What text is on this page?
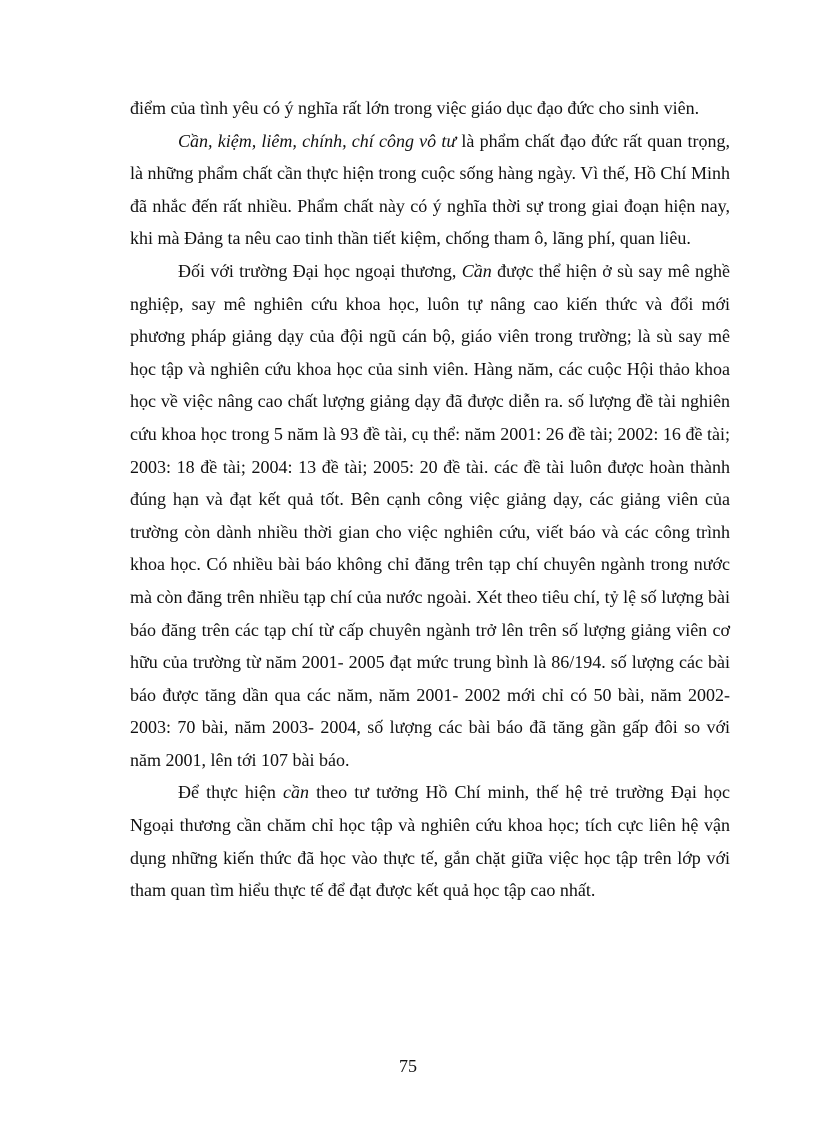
điểm của tình yêu có ý nghĩa rất lớn trong việc giáo dục đạo đức cho sinh viên.

Cần, kiệm, liêm, chính, chí công vô tư là phẩm chất đạo đức rất quan trọng, là những phẩm chất cần thực hiện trong cuộc sống hàng ngày. Vì thế, Hồ Chí Minh đã nhắc đến rất nhiều. Phẩm chất này có ý nghĩa thời sự trong giai đoạn hiện nay, khi mà Đảng ta nêu cao tinh thần tiết kiệm, chống tham ô, lãng phí, quan liêu.

Đối với trường Đại học ngoại thương, Cần được thể hiện ở sù say mê nghề nghiệp, say mê nghiên cứu khoa học, luôn tự nâng cao kiến thức và đổi mới phương pháp giảng dạy của đội ngũ cán bộ, giáo viên trong trường; là sù say mê học tập và nghiên cứu khoa học của sinh viên. Hàng năm, các cuộc Hội thảo khoa học về việc nâng cao chất lượng giảng dạy đã được diễn ra. số lượng đề tài nghiên cứu khoa học trong 5 năm là 93 đề tài, cụ thể: năm 2001: 26 đề tài; 2002: 16 đề tài; 2003: 18 đề tài; 2004: 13 đề tài; 2005: 20 đề tài. các đề tài luôn được hoàn thành đúng hạn và đạt kết quả tốt. Bên cạnh công việc giảng dạy, các giảng viên của trường còn dành nhiều thời gian cho việc nghiên cứu, viết báo và các công trình khoa học. Có nhiều bài báo không chỉ đăng trên tạp chí chuyên ngành trong nước mà còn đăng trên nhiều tạp chí của nước ngoài. Xét theo tiêu chí, tỷ lệ số lượng bài báo đăng trên các tạp chí từ cấp chuyên ngành trở lên trên số lượng giảng viên cơ hữu của trường từ năm 2001- 2005 đạt mức trung bình là 86/194. số lượng các bài báo được tăng dần qua các năm, năm 2001- 2002 mới chỉ có 50 bài, năm 2002- 2003: 70 bài, năm 2003- 2004, số lượng các bài báo đã tăng gần gấp đôi so với năm 2001, lên tới 107 bài báo.

Để thực hiện cần theo tư tưởng Hồ Chí minh, thế hệ trẻ trường Đại học Ngoại thương cần chăm chỉ học tập và nghiên cứu khoa học; tích cực liên hệ vận dụng những kiến thức đã học vào thực tế, gắn chặt giữa việc học tập trên lớp với tham quan tìm hiểu thực tế để đạt được kết quả học tập cao nhất.

75
